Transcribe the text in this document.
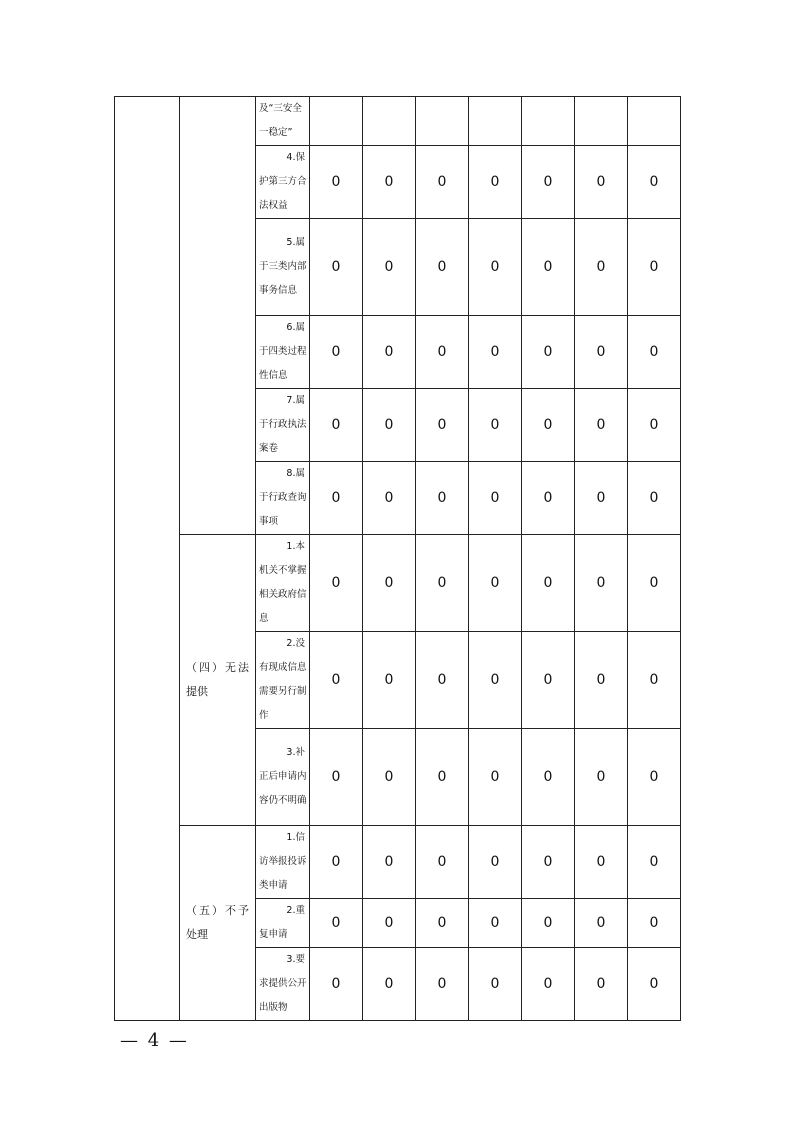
及“三安全一稳定”							

		4.保
护第三方合法权益	0	0	0	0	0	0	0

		5.属
于三类内部事务信息	0	0	0	0	0	0	0

		6.属
于四类过程性信息	0	0	0	0	0	0	0

		7.属
于行政执法案卷	0	0	0	0	0	0	0

		8.属
于行政查询事项	0	0	0	0	0	0	0

	（四）无法提供	1.本
机关不掌握相关政府信息	0	0	0	0	0	0	0

		2.没
有现成信息需要另行制作	0	0	0	0	0	0	0

		3.补
正后申请内容仍不明确	0	0	0	0	0	0	0

	（五）不予处理	1.信
访举报投诉类申请	0	0	0	0	0	0	0

		2.重
复申请	0	0	0	0	0	0	0

		3.要
求提供公开出版物	0	0	0	0	0	0	0
— 4 —
